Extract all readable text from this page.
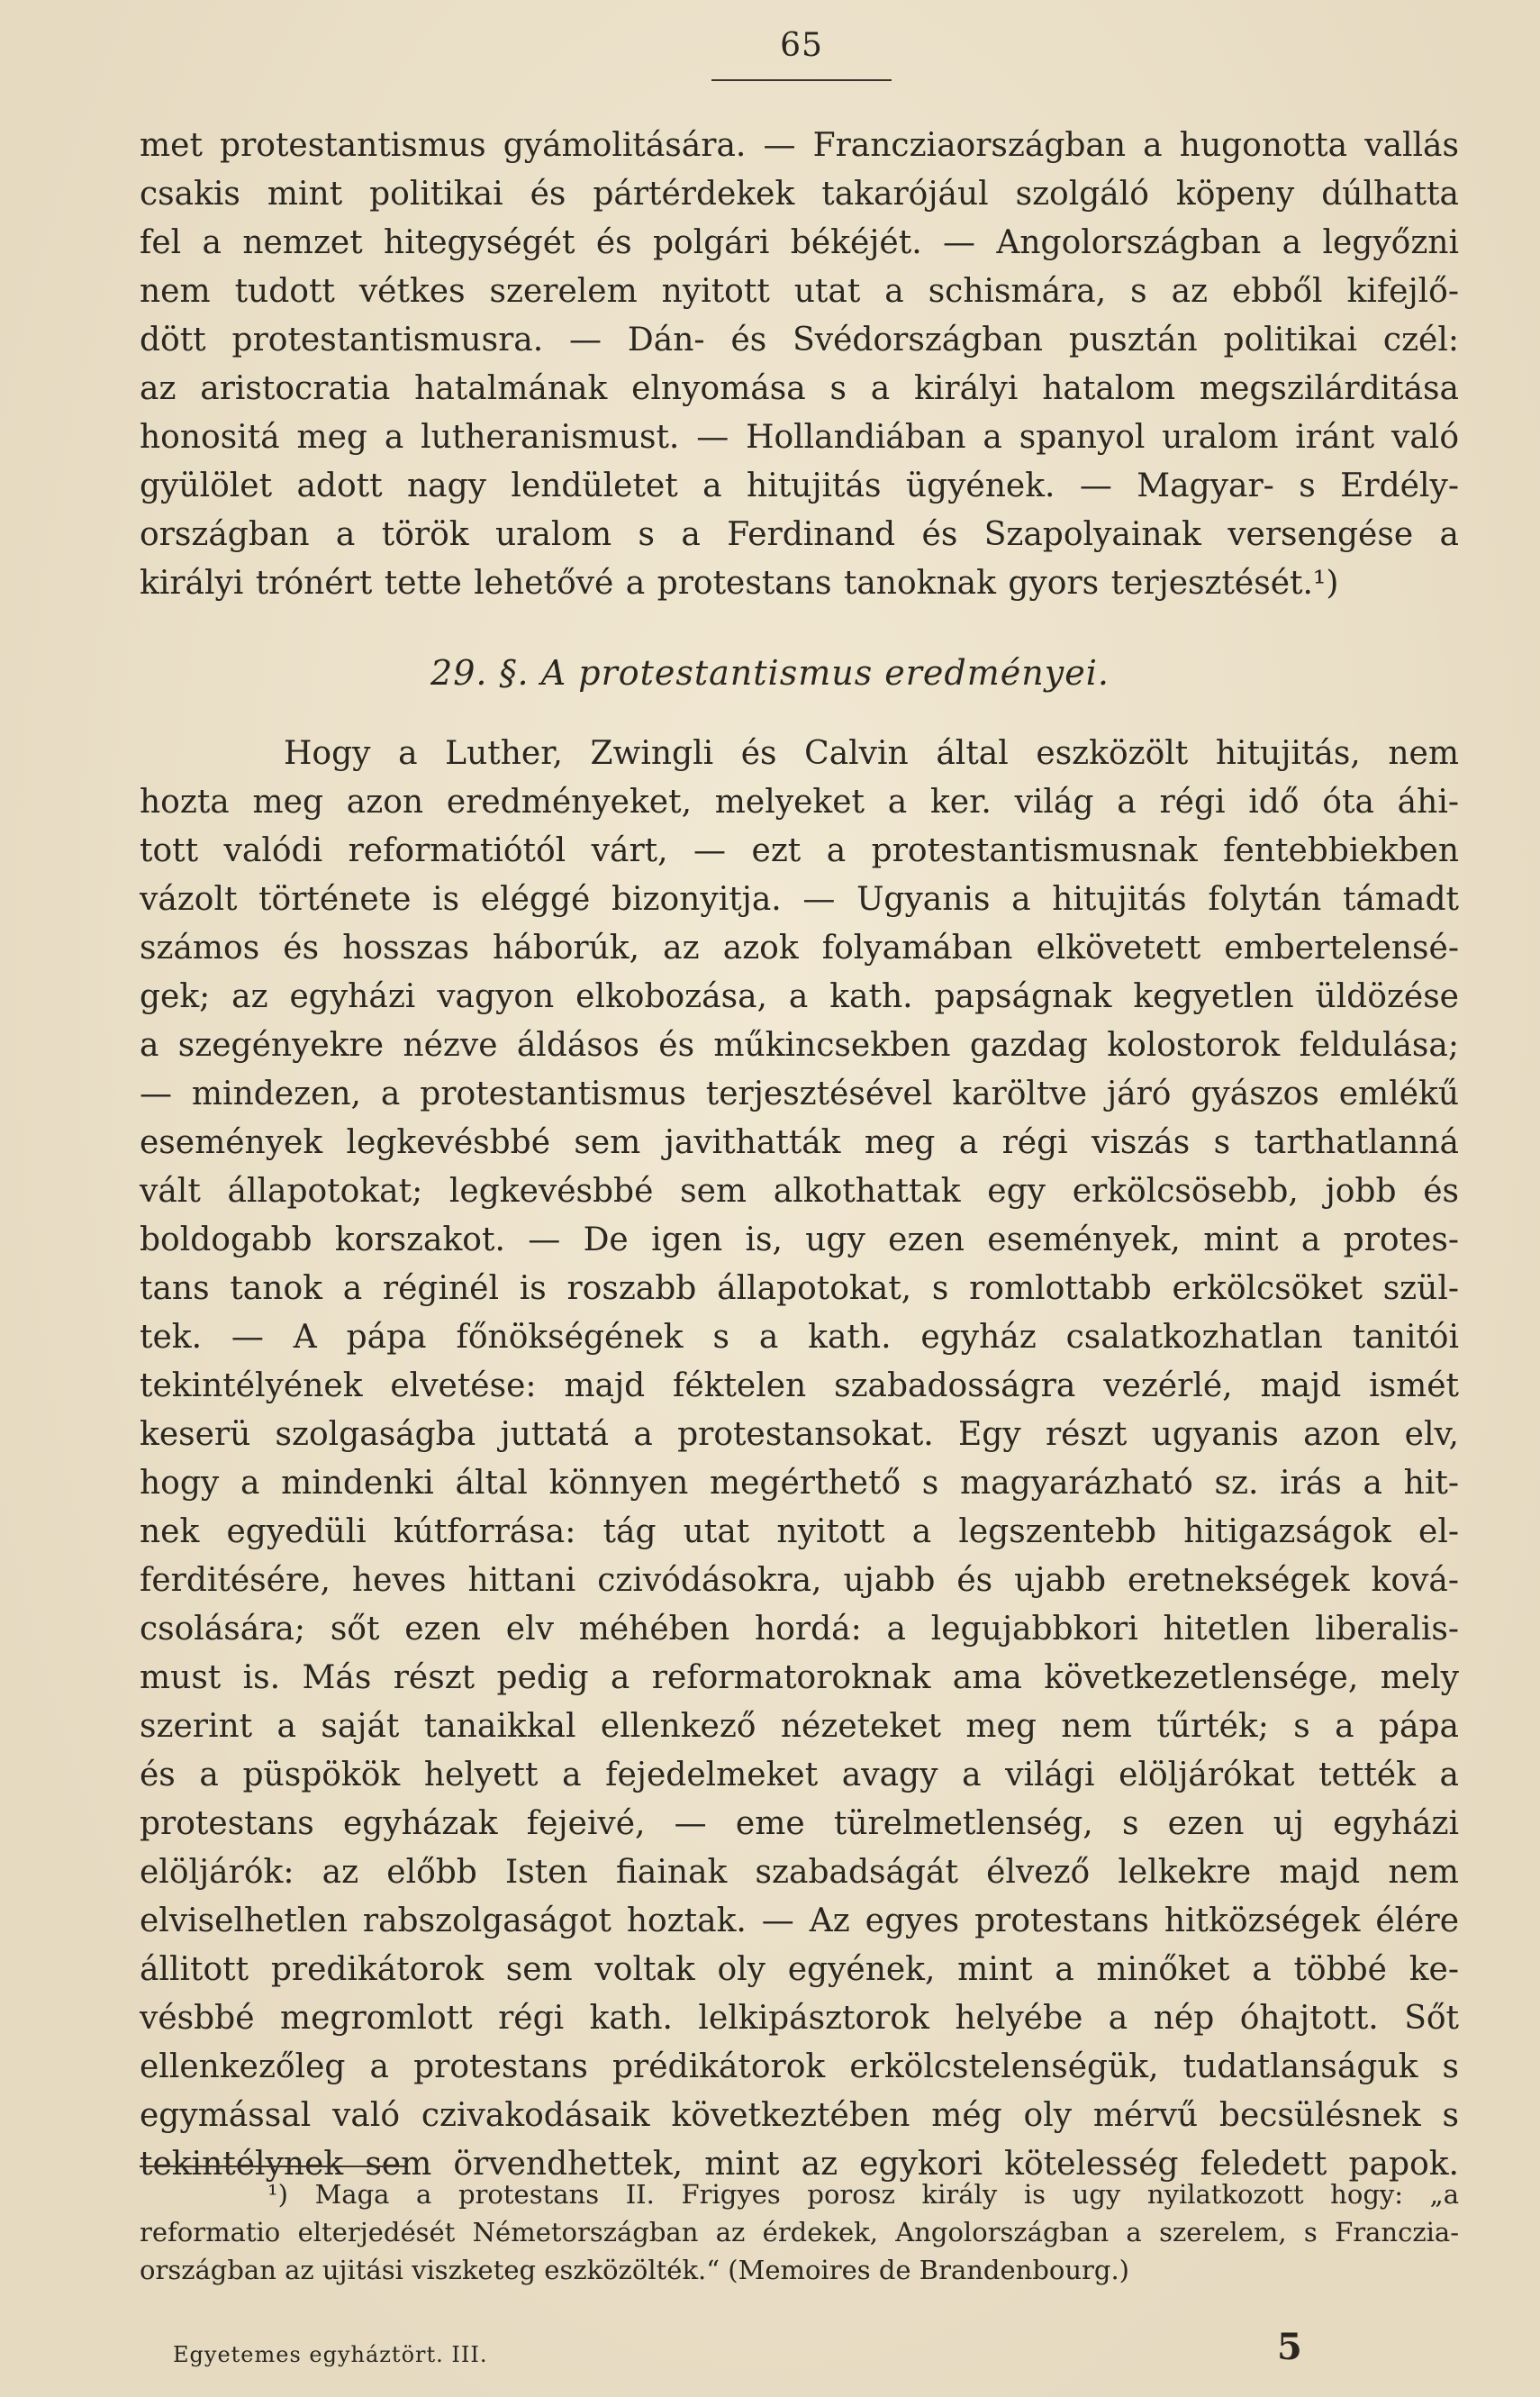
65
met protestantismus gyámolitására. — Francziaországban a hugonotta vallás
csakis mint politikai és pártérdekek takarójául szolgáló köpeny dúlhatta
fel a nemzet hitegységét és polgári békéjét. — Angolországban a legyőzni
nem tudott vétkes szerelem nyitott utat a schismára, s az ebből kifejlő-
dött protestantismusra. — Dán- és Svédországban pusztán politikai czél:
az aristocratia hatalmának elnyomása s a királyi hatalom megszilárditása
honositá meg a lutheranismust. — Hollandiában a spanyol uralom iránt való
gyülölet adott nagy lendületet a hitujitás ügyének. — Magyar- s Erdély-
országban a török uralom s a Ferdinand és Szapolyainak versengése a
királyi trónért tette lehetővé a protestans tanoknak gyors terjesztését.¹)
29. §. A protestantismus eredményei.
Hogy a Luther, Zwingli és Calvin által eszközölt hitujitás, nem
hozta meg azon eredményeket, melyeket a ker. világ a régi idő óta áhi-
tott valódi reformatiótól várt, — ezt a protestantismusnak fentebbiekben
vázolt története is eléggé bizonyitja. — Ugyanis a hitujitás folytán támadt
számos és hosszas háborúk, az azok folyamában elkövetett embertelensé-
gek; az egyházi vagyon elkobozása, a kath. papságnak kegyetlen üldözése
a szegényekre nézve áldásos és műkincsekben gazdag kolostorok feldulása;
— mindezen, a protestantismus terjesztésével karöltve járó gyászos emlékű
események legkevésbbé sem javithatták meg a régi viszás s tarthatlanná
vált állapotokat; legkevésbbé sem alkothattak egy erkölcsösebb, jobb és
boldogabb korszakot. — De igen is, ugy ezen események, mint a protes-
tans tanok a réginél is roszabb állapotokat, s romlottabb erkölcsöket szül-
tek. — A pápa főnökségének s a kath. egyház csalatkozhatlan tanitói
tekintélyének elvetése: majd féktelen szabadosságra vezérlé, majd ismét
keserü szolgaságba juttatá a protestansokat. Egy részt ugyanis azon elv,
hogy a mindenki által könnyen megérthető s magyarázható sz. irás a hit-
nek egyedüli kútforrása: tág utat nyitott a legszentebb hitigazságok el-
ferditésére, heves hittani czivódásokra, ujabb és ujabb eretnekségek ková-
csolására; sőt ezen elv méhében hordá: a legujabbkori hitetlen liberalis-
must is. Más részt pedig a reformatoroknak ama következetlensége, mely
szerint a saját tanaikkal ellenkező nézeteket meg nem tűrték; s a pápa
és a püspökök helyett a fejedelmeket avagy a világi elöljárókat tették a
protestans egyházak fejeivé, — eme türelmetlenség, s ezen uj egyházi
elöljárók: az előbb Isten fiainak szabadságát élvező lelkekre majd nem
elviselhetlen rabszolgaságot hoztak. — Az egyes protestans hitközségek élére
állitott predikátorok sem voltak oly egyének, mint a minőket a többé ke-
vésbbé megromlott régi kath. lelkipásztorok helyébe a nép óhajtott. Sőt
ellenkezőleg a protestans prédikátorok erkölcstelenségük, tudatlanságuk s
egymással való czivakodásaik következtében még oly mérvű becsülésnek s
tekintélynek sem örvendhettek, mint az egykori kötelesség feledett papok.
¹) Maga a protestans II. Frigyes porosz király is ugy nyilatkozott hogy: „a
reformatio elterjedését Németországban az érdekek, Angolországban a szerelem, s Franczia-
országban az ujitási viszketeg eszközölték.“ (Memoires de Brandenbourg.)
Egyetemes egyháztört. III.	5
